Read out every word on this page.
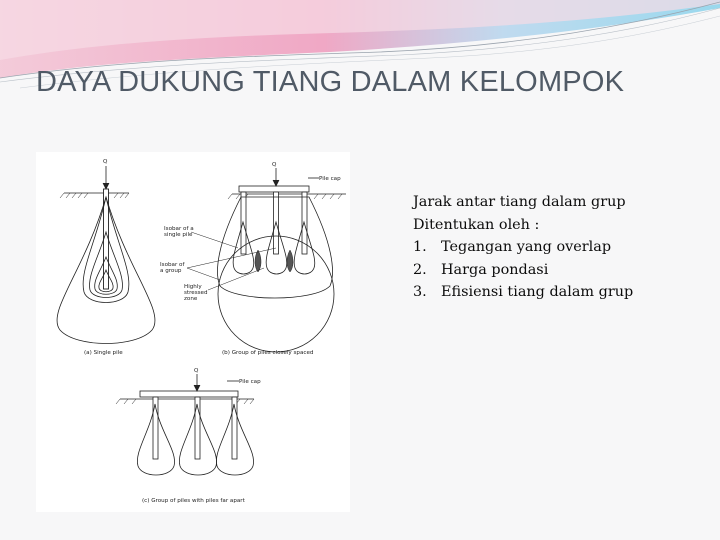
DAYA DUKUNG TIANG DALAM KELOMPOK
Q	Q
Pile cap
Isobar of a
single pile
Isobar of
a group
Highly
stressed
zone
(a) Single pile	(b) Group of piles closely spaced
Q
Pile cap
(c) Group of piles with piles far apart
Jarak antar tiang dalam grup
Ditentukan oleh :
1. Tegangan yang overlap
2. Harga pondasi
3. Efisiensi tiang dalam grup
